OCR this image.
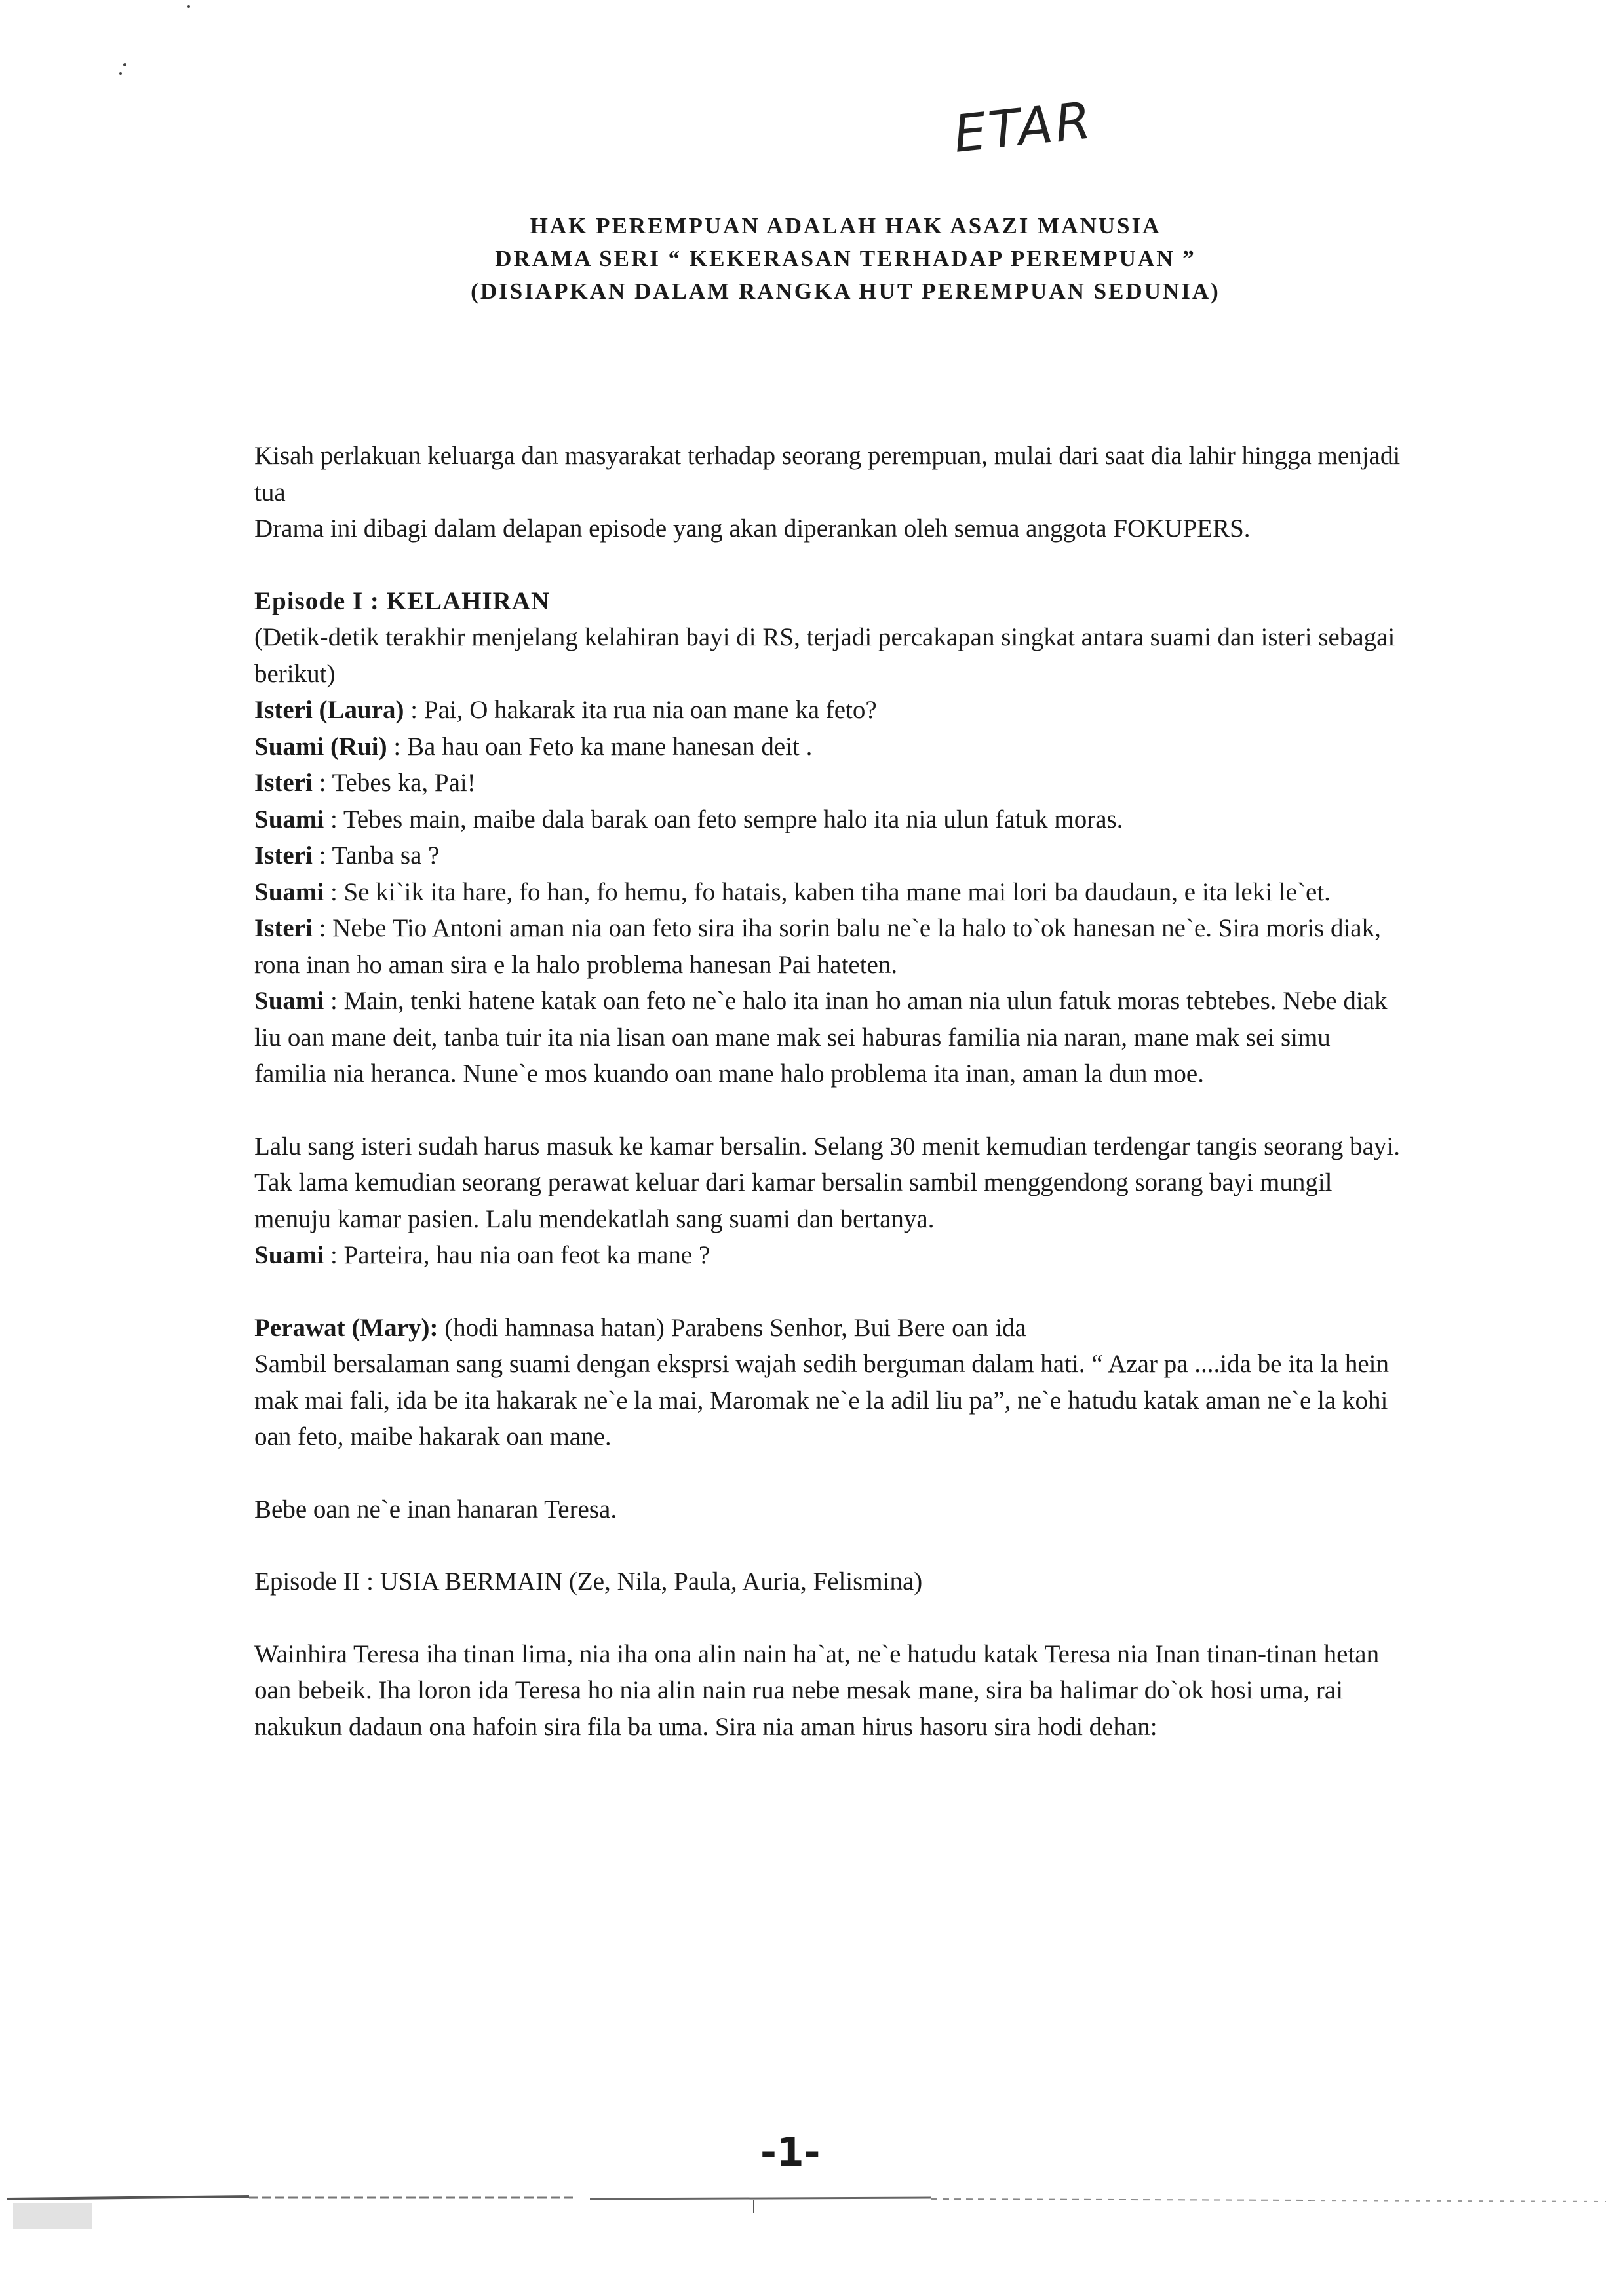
ETAR
HAK PEREMPUAN ADALAH HAK ASAZI MANUSIA
DRAMA SERI “ KEKERASAN TERHADAP PEREMPUAN ”
(DISIAPKAN DALAM RANGKA HUT PEREMPUAN SEDUNIA)

Kisah perlakuan keluarga dan masyarakat terhadap seorang perempuan, mulai dari saat dia lahir hingga menjadi tua

Drama ini dibagi dalam delapan episode yang akan diperankan oleh semua anggota FOKUPERS.

Episode I : KELAHIRAN

(Detik-detik terakhir menjelang kelahiran bayi di RS, terjadi percakapan singkat antara suami dan isteri sebagai berikut)

Isteri (Laura) : Pai, O hakarak ita rua nia oan mane ka feto?

Suami (Rui) : Ba hau oan Feto ka mane hanesan deit .

Isteri : Tebes ka, Pai!

Suami : Tebes main, maibe dala barak oan feto sempre halo ita nia ulun fatuk moras.

Isteri : Tanba sa ?

Suami : Se ki`ik ita hare, fo han, fo hemu, fo hatais, kaben tiha mane mai lori ba daudaun, e ita leki le`et.

Isteri : Nebe Tio Antoni aman nia oan feto sira iha sorin balu ne`e la halo to`ok hanesan ne`e. Sira moris diak, rona inan ho aman sira e la halo problema hanesan Pai hateten.

Suami : Main, tenki hatene katak oan feto ne`e halo ita inan ho aman nia ulun fatuk moras tebtebes. Nebe diak liu oan mane deit, tanba tuir ita nia lisan oan mane mak sei haburas familia nia naran, mane mak sei simu familia nia heranca. Nune`e mos kuando oan mane halo problema ita inan, aman la dun moe.

Lalu sang isteri sudah harus masuk ke kamar bersalin. Selang 30 menit kemudian terdengar tangis seorang bayi. Tak lama kemudian seorang perawat keluar dari kamar bersalin sambil menggendong sorang bayi mungil menuju kamar pasien. Lalu mendekatlah sang suami dan bertanya.

Suami : Parteira, hau nia oan feot ka mane ?

Perawat (Mary): (hodi hamnasa hatan) Parabens Senhor, Bui Bere oan ida

Sambil bersalaman sang suami dengan eksprsi wajah sedih berguman dalam hati. “ Azar pa ....ida be ita la hein mak mai fali, ida be ita hakarak ne`e la mai, Maromak ne`e la adil liu pa”, ne`e hatudu katak aman ne`e la kohi oan feto, maibe hakarak oan mane.

Bebe oan ne`e inan hanaran Teresa.

Episode II : USIA BERMAIN (Ze, Nila, Paula, Auria, Felismina)

Wainhira Teresa iha tinan lima, nia iha ona alin nain ha`at, ne`e hatudu katak Teresa nia Inan tinan-tinan hetan oan bebeik. Iha loron ida Teresa ho nia alin nain rua nebe mesak mane, sira ba halimar do`ok hosi uma, rai nakukun dadaun ona hafoin sira fila ba uma. Sira nia aman hirus hasoru sira hodi dehan:

-1-
